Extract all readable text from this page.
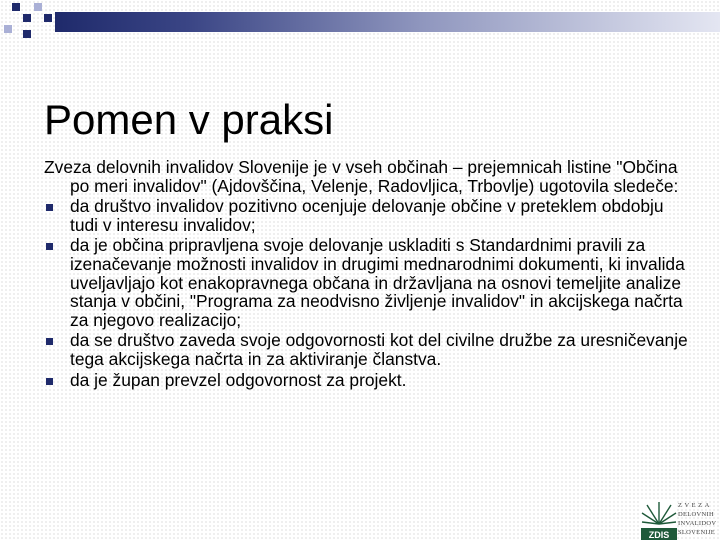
Pomen v praksi

Zveza delovnih invalidov Slovenije je v vseh občinah – prejemnicah listine "Občina po meri invalidov" (Ajdovščina, Velenje, Radovljica, Trbovlje) ugotovila sledeče:

da društvo invalidov pozitivno ocenjuje delovanje občine v preteklem obdobju tudi v interesu invalidov;
da je občina pripravljena svoje delovanje uskladiti s Standardnimi pravili za izenačevanje možnosti invalidov in drugimi mednarodnimi dokumenti, ki invalida uveljavljajo kot enakopravnega občana in državljana na osnovi temeljite analize stanja v občini, "Programa za neodvisno življenje invalidov" in akcijskega načrta za njegovo realizacijo;
da se društvo zaveda svoje odgovornosti kot del civilne družbe za uresničevanje tega akcijskega načrta in za aktiviranje članstva.
da je župan prevzel odgovornost za projekt.
ZDIS
ZVEZA
DELOVNIH
INVALIDOV
SLOVENIJE
